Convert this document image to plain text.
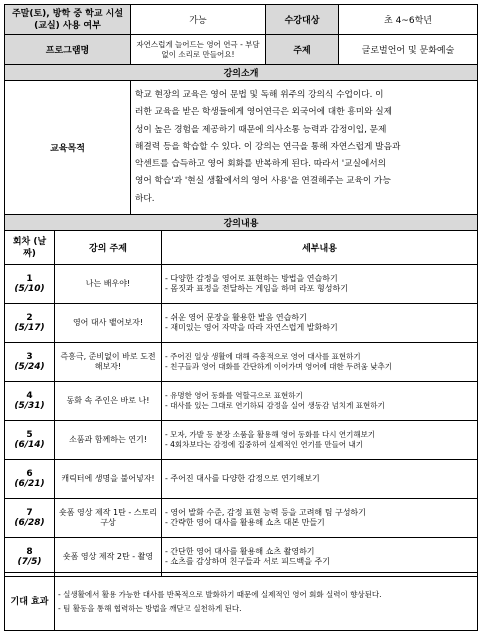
주말(토), 방학 중 학교 시설(교실) 사용 여부	가능	수강대상	초 4~6학년
프로그램명	자연스럽게 늘어드는 영어 연극 - 부담 없이 소리로 만들어요!	주제	글로벌언어 및 문화예술
강의소개
교육목적	
학교 현장의 교육은 영어 문법 및 독해 위주의 강의식 수업이다. 이
러한 교육을 받은 학생들에게 영어연극은 외국어에 대한 흥미와 실제
성이 높은 경험을 제공하기 때문에 의사소통 능력과 감정이입, 문제
해결력 등을 학습할 수 있다. 이 강의는 연극을 통해 자연스럽게 발음과
악센트를 습득하고 영어 회화를 반복하게 된다. 따라서 '교실에서의
영어 학습'과 '현실 생활에서의 영어 사용'을 연결해주는 교육이 가능
하다.
강의내용		
회차 (날짜)	강의 주제	세부내용

1
(5/10)	나는 배우야!	- 다양한 감정을 영어로 표현하는 방법을 연습하기
- 몸짓과 표정을 전달하는 게임을 하며 라포 형성하기

2
(5/17)	영어 대사 뱉어보자!	- 쉬운 영어 문장을 활용한 발음 연습하기
- 재미있는 영어 자막을 따라 자연스럽게 발화하기

3
(5/24)	즉흥극, 준비없이 바로 도전해보자!	- 주어진 일상 생활에 대해 즉흥적으로 영어 대사를 표현하기
- 친구들과 영어 대화를 간단하게 이어가며 영어에 대한 두려움 낮추기

4
(5/31)	동화 속 주인은 바로 나!	- 유명한 영어 동화를 역할극으로 표현하기
- 대사를 있는 그대로 연기하되 감정을 실어 생동감 넘치게 표현하기

5
(6/14)	소품과 함께하는 연기!	- 모자, 가발 등 분장 소품을 활용해 영어 동화를 다시 연기해보기
- 4회차보다는 감정에 집중하여 실제적인 연기를 만들어 내기

6
(6/21)	캐릭터에 생명을 불어넣자!	- 주어진 대사를 다양한 감정으로 연기해보기

7
(6/28)	숏폼 영상 제작 1탄 - 스토리 구상	- 영어 발화 수준, 감정 표현 능력 등을 고려해 팀 구성하기
- 간략한 영어 대사를 활용해 쇼츠 대본 만들기

8
(7/5)	숏폼 영상 제작 2탄 - 촬영	- 간단한 영어 대사를 활용해 쇼츠 촬영하기
- 쇼츠를 감상하며 친구들과 서로 피드백을 주기
기대 효과	
- 실생활에서 활용 가능한 대사를 반복적으로 발화하기 때문에 실제적인 영어 회화 실력이 향상된다.
- 팀 활동을 통해 협력하는 방법을 깨닫고 실천하게 된다.
